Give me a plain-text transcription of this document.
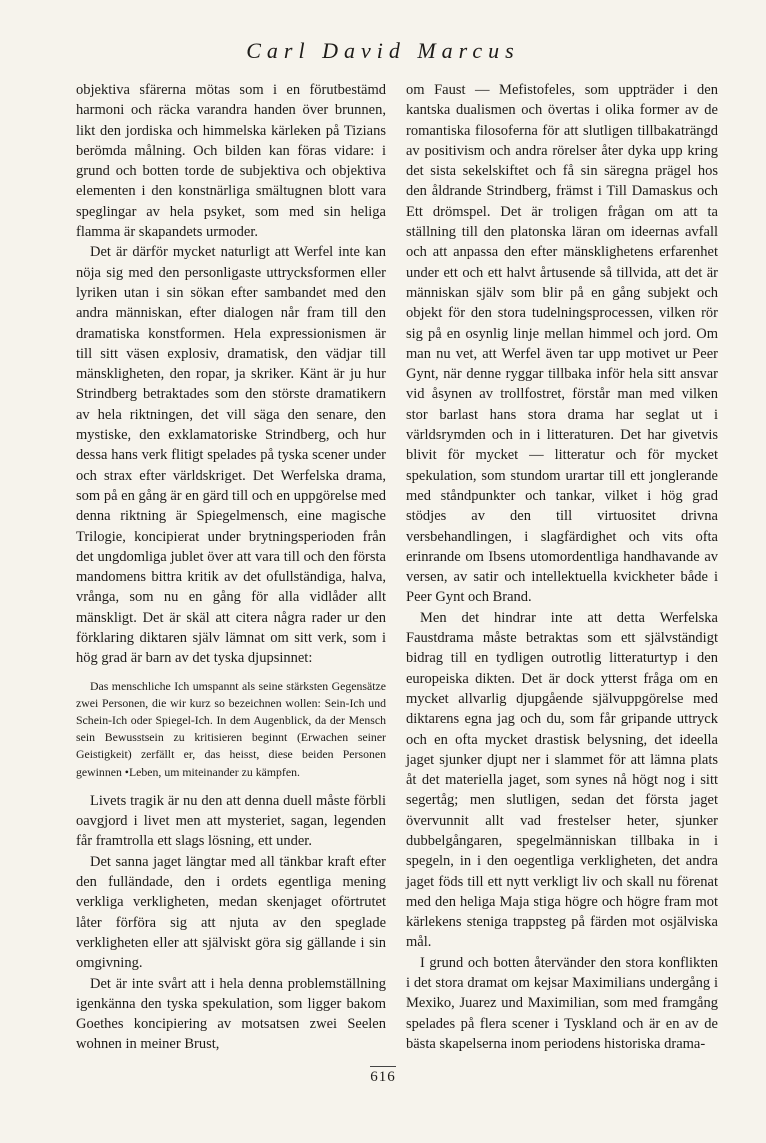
Carl David Marcus

objektiva sfärerna mötas som i en förutbestämd harmoni och räcka varandra handen över brunnen, likt den jordiska och himmelska kärleken på Tizians berömda målning. Och bilden kan föras vidare: i grund och botten torde de subjektiva och objektiva elementen i den konstnärliga smältugnen blott vara speglingar av hela psyket, som med sin heliga flamma är skapandets urmoder.

Det är därför mycket naturligt att Werfel inte kan nöja sig med den personligaste uttrycksformen eller lyriken utan i sin sökan efter sambandet med den andra människan, efter dialogen når fram till den dramatiska konstformen. Hela expressionismen är till sitt väsen explosiv, dramatisk, den vädjar till mänskligheten, den ropar, ja skriker. Känt är ju hur Strindberg betraktades som den störste dramatikern av hela riktningen, det vill säga den senare, den mystiske, den exklamatoriske Strindberg, och hur dessa hans verk flitigt spelades på tyska scener under och strax efter världskriget. Det Werfelska drama, som på en gång är en gärd till och en uppgörelse med denna riktning är Spiegelmensch, eine magische Trilogie, koncipierat under brytningsperioden från det ungdomliga jublet över att vara till och den första mandomens bittra kritik av det ofullständiga, halva, vrånga, som nu en gång för alla vidlåder allt mänskligt. Det är skäl att citera några rader ur den förklaring diktaren själv lämnat om sitt verk, som i hög grad är barn av det tyska djupsinnet:

Das menschliche Ich umspannt als seine stärksten Gegensätze zwei Personen, die wir kurz so bezeichnen wollen: Sein-Ich und Schein-Ich oder Spiegel-Ich. In dem Augenblick, da der Mensch sein Bewusstsein zu kritisieren beginnt (Erwachen seiner Geistigkeit) zerfällt er, das heisst, diese beiden Personen gewinnen •Leben, um miteinander zu kämpfen.

Livets tragik är nu den att denna duell måste förbli oavgjord i livet men att mysteriet, sagan, legenden får framtrolla ett slags lösning, ett under.

Det sanna jaget längtar med all tänkbar kraft efter den fulländade, den i ordets egentliga mening verkliga verkligheten, medan skenjaget oförtrutet låter förföra sig att njuta av den speglade verkligheten eller att själviskt göra sig gällande i sin omgivning.

Det är inte svårt att i hela denna problemställning igenkänna den tyska spekulation, som ligger bakom Goethes koncipiering av motsatsen zwei Seelen wohnen in meiner Brust,

om Faust — Mefistofeles, som uppträder i den kantska dualismen och övertas i olika former av de romantiska filosoferna för att slutligen tillbakaträngd av positivism och andra rörelser åter dyka upp kring det sista sekelskiftet och få sin säregna prägel hos den åldrande Strindberg, främst i Till Damaskus och Ett drömspel. Det är troligen frågan om att ta ställning till den platonska läran om ideernas avfall och att anpassa den efter mänsklighetens erfarenhet under ett och ett halvt årtusende så tillvida, att det är människan själv som blir på en gång subjekt och objekt för den stora tudelningsprocessen, vilken rör sig på en osynlig linje mellan himmel och jord. Om man nu vet, att Werfel även tar upp motivet ur Peer Gynt, när denne ryggar tillbaka inför hela sitt ansvar vid åsynen av trollfostret, förstår man med vilken stor barlast hans stora drama har seglat ut i världsrymden och in i litteraturen. Det har givetvis blivit för mycket — litteratur och för mycket spekulation, som stundom urartar till ett jonglerande med ståndpunkter och tankar, vilket i hög grad stödjes av den till virtuositet drivna versbehandlingen, i slagfärdighet och vits ofta erinrande om Ibsens utomordentliga handhavande av versen, av satir och intellektuella kvickheter både i Peer Gynt och Brand.

Men det hindrar inte att detta Werfelska Faustdrama måste betraktas som ett självständigt bidrag till en tydligen outrotlig litteraturtyp i den europeiska dikten. Det är dock ytterst fråga om en mycket allvarlig djupgående självuppgörelse med diktarens egna jag och du, som får gripande uttryck och en ofta mycket drastisk belysning, det ideella jaget sjunker djupt ner i slammet för att lämna plats åt det materiella jaget, som synes nå högt nog i sitt segertåg; men slutligen, sedan det första jaget övervunnit allt vad frestelser heter, sjunker dubbelgångaren, spegelmänniskan tillbaka in i spegeln, in i den oegentliga verkligheten, det andra jaget föds till ett nytt verkligt liv och skall nu förenat med den heliga Maja stiga högre och högre fram mot kärlekens steniga trappsteg på färden mot osjälviska mål.

I grund och botten återvänder den stora konflikten i det stora dramat om kejsar Maximilians undergång i Mexiko, Juarez und Maximilian, som med framgång spelades på flera scener i Tyskland och är en av de bästa skapelserna inom periodens historiska drama-

616
